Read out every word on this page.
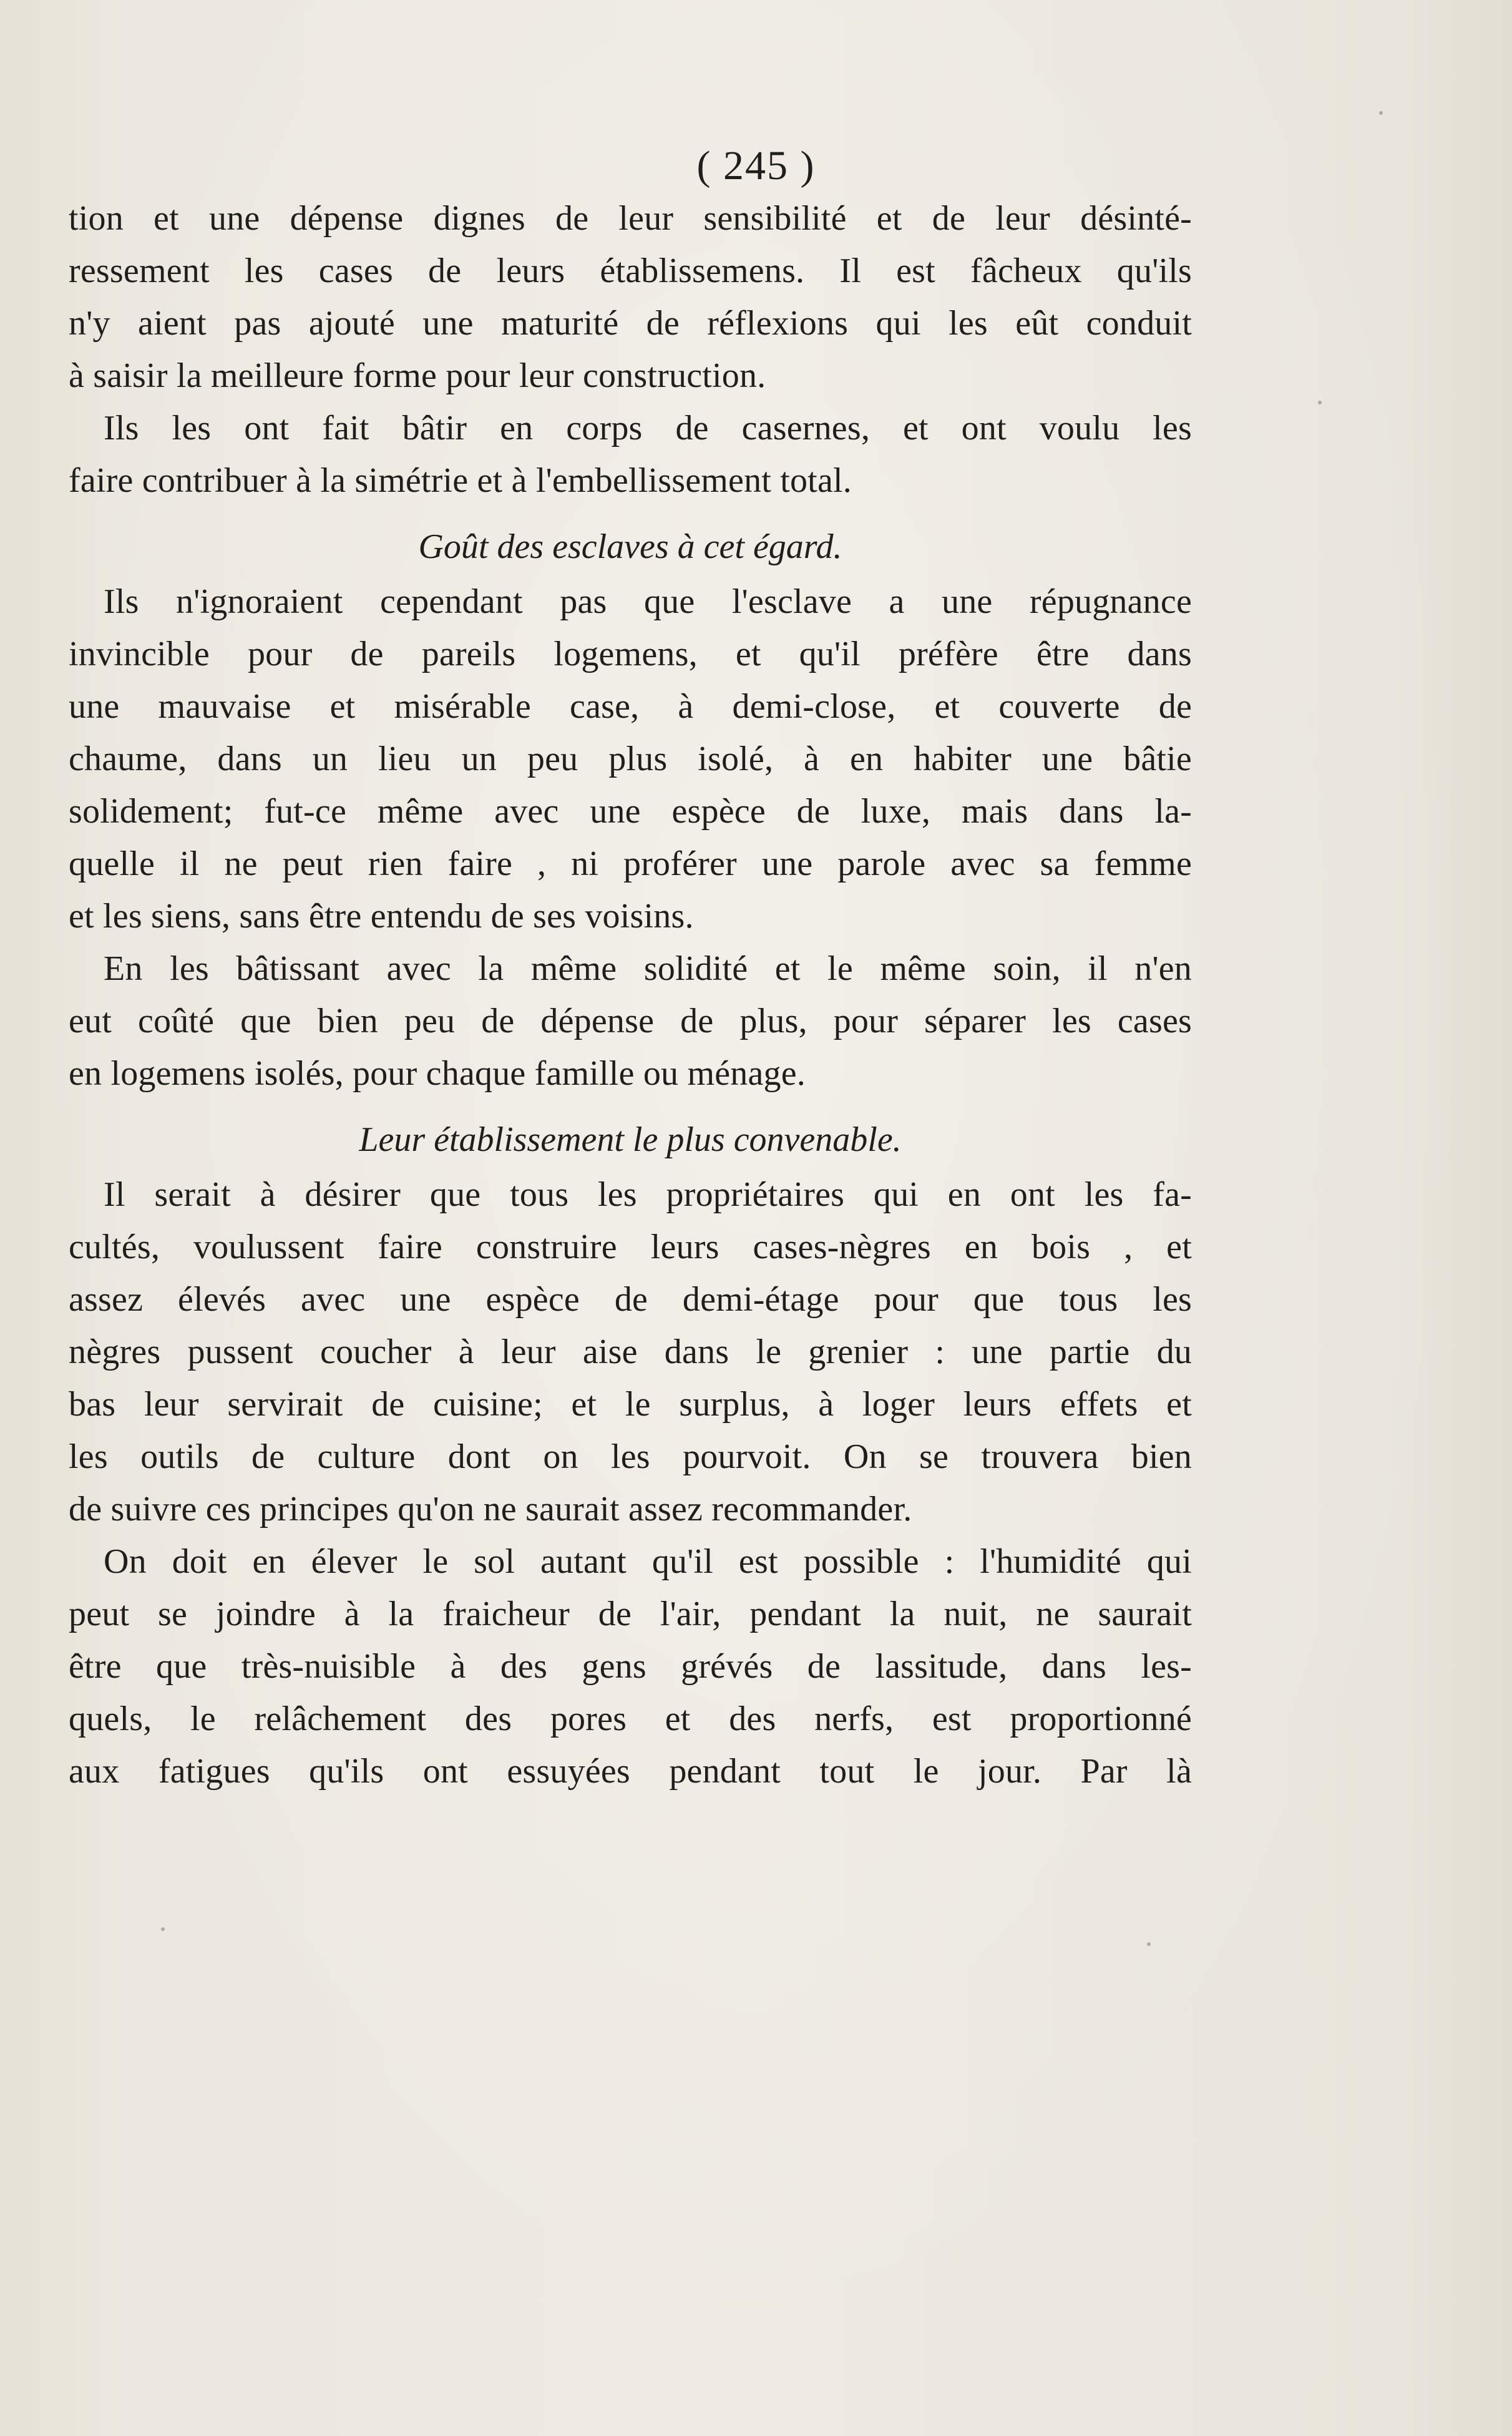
( 245 )
tion et une dépense dignes de leur sensibilité et de leur désinté-
ressement les cases de leurs établissemens. Il est fâcheux qu'ils
n'y aient pas ajouté une maturité de réflexions qui les eût conduit
à saisir la meilleure forme pour leur construction.
Ils les ont fait bâtir en corps de casernes, et ont voulu les
faire contribuer à la simétrie et à l'embellissement total.
Goût des esclaves à cet égard.
Ils n'ignoraient cependant pas que l'esclave a une répugnance
invincible pour de pareils logemens, et qu'il préfère être dans
une mauvaise et misérable case, à demi-close, et couverte de
chaume, dans un lieu un peu plus isolé, à en habiter une bâtie
solidement; fut-ce même avec une espèce de luxe, mais dans la-
quelle il ne peut rien faire , ni proférer une parole avec sa femme
et les siens, sans être entendu de ses voisins.
En les bâtissant avec la même solidité et le même soin, il n'en
eut coûté que bien peu de dépense de plus, pour séparer les cases
en logemens isolés, pour chaque famille ou ménage.
Leur établissement le plus convenable.
Il serait à désirer que tous les propriétaires qui en ont les fa-
cultés, voulussent faire construire leurs cases-nègres en bois , et
assez élevés avec une espèce de demi-étage pour que tous les
nègres pussent coucher à leur aise dans le grenier : une partie du
bas leur servirait de cuisine; et le surplus, à loger leurs effets et
les outils de culture dont on les pourvoit. On se trouvera bien
de suivre ces principes qu'on ne saurait assez recommander.
On doit en élever le sol autant qu'il est possible : l'humidité qui
peut se joindre à la fraicheur de l'air, pendant la nuit, ne saurait
être que très-nuisible à des gens grévés de lassitude, dans les-
quels, le relâchement des pores et des nerfs, est proportionné
aux fatigues qu'ils ont essuyées pendant tout le jour. Par là
